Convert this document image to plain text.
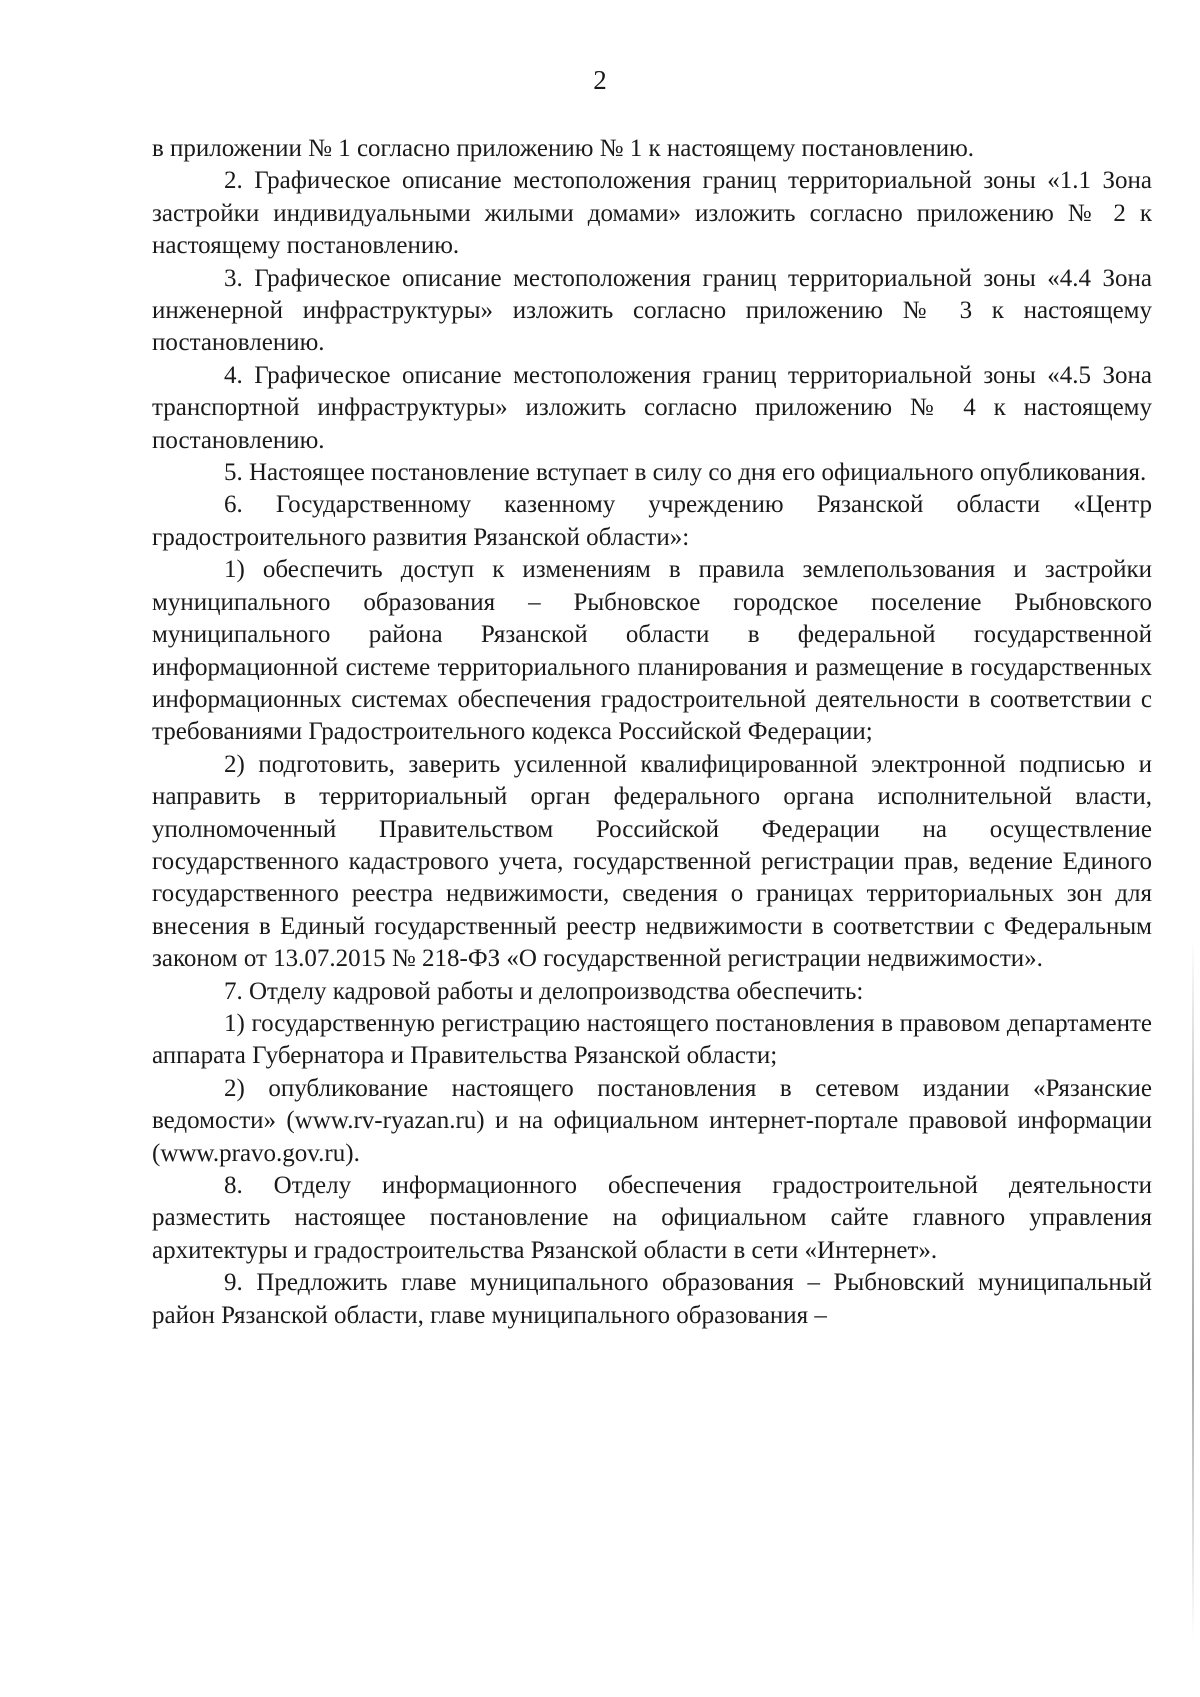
2

в приложении № 1 согласно приложению № 1 к настоящему постановлению.

2. Графическое описание местоположения границ территориальной зоны «1.1 Зона застройки индивидуальными жилыми домами» изложить согласно приложению № 2 к настоящему постановлению.

3. Графическое описание местоположения границ территориальной зоны «4.4 Зона инженерной инфраструктуры» изложить согласно приложению № 3 к настоящему постановлению.

4. Графическое описание местоположения границ территориальной зоны «4.5 Зона транспортной инфраструктуры» изложить согласно приложению № 4 к настоящему постановлению.

5. Настоящее постановление вступает в силу со дня его официального опубликования.

6. Государственному казенному учреждению Рязанской области «Центр градостроительного развития Рязанской области»:

1) обеспечить доступ к изменениям в правила землепользования и застройки муниципального образования – Рыбновское городское поселение Рыбновского муниципального района Рязанской области в федеральной государственной информационной системе территориального планирования и размещение в государственных информационных системах обеспечения градостроительной деятельности в соответствии с требованиями Градостроительного кодекса Российской Федерации;

2) подготовить, заверить усиленной квалифицированной электронной подписью и направить в территориальный орган федерального органа исполнительной власти, уполномоченный Правительством Российской Федерации на осуществление государственного кадастрового учета, государственной регистрации прав, ведение Единого государственного реестра недвижимости, сведения о границах территориальных зон для внесения в Единый государственный реестр недвижимости в соответствии с Федеральным законом от 13.07.2015 № 218-ФЗ «О государственной регистрации недвижимости».

7. Отделу кадровой работы и делопроизводства обеспечить:

1) государственную регистрацию настоящего постановления в правовом департаменте аппарата Губернатора и Правительства Рязанской области;

2) опубликование настоящего постановления в сетевом издании «Рязанские ведомости» (www.rv-ryazan.ru) и на официальном интернет-портале правовой информации (www.pravo.gov.ru).

8. Отделу информационного обеспечения градостроительной деятельности разместить настоящее постановление на официальном сайте главного управления архитектуры и градостроительства Рязанской области в сети «Интернет».

9. Предложить главе муниципального образования – Рыбновский муниципальный район Рязанской области, главе муниципального образования –
